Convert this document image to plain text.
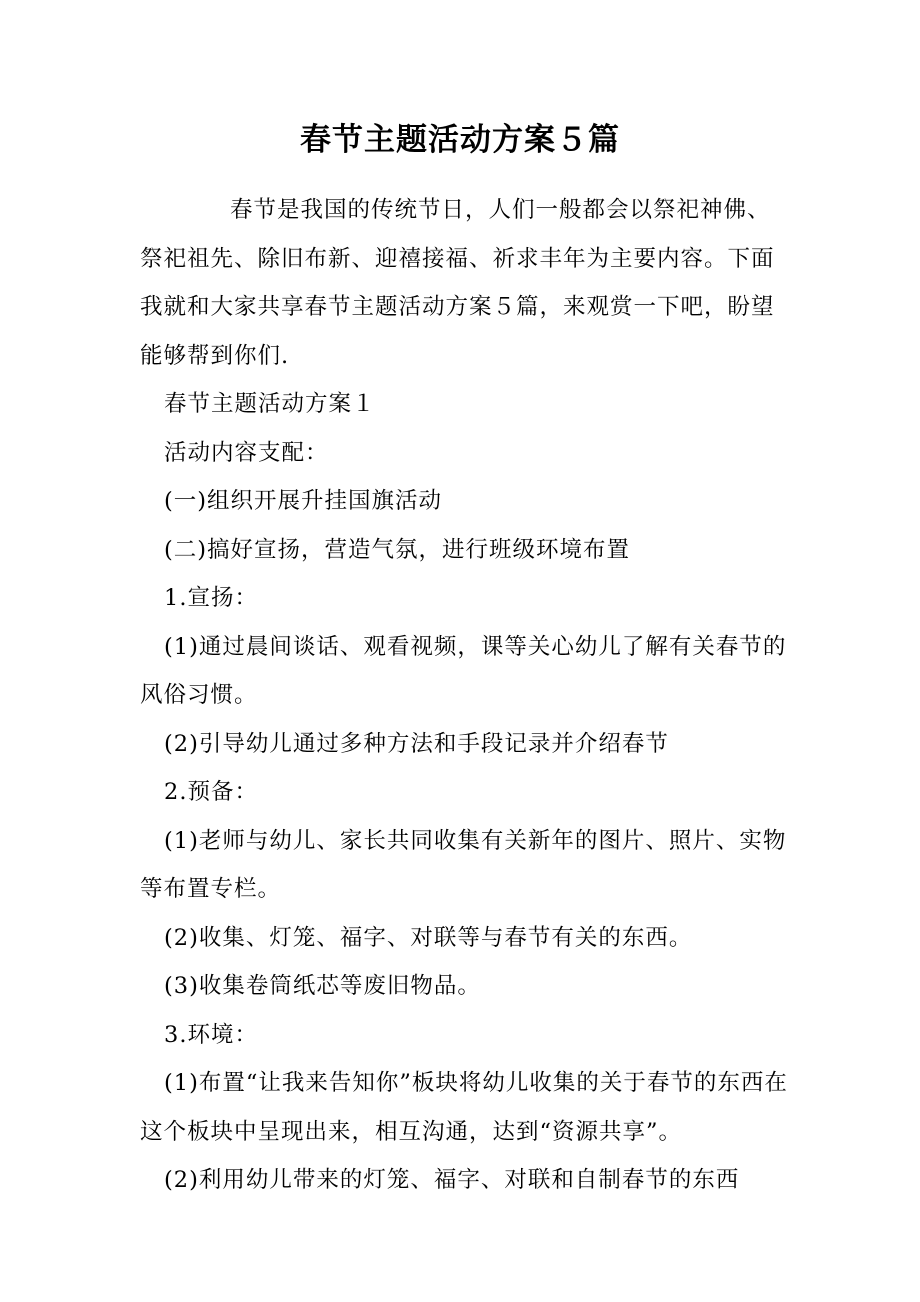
春节主题活动方案５篇

春节是我国的传统节日，人们一般都会以祭祀神佛、祭祀祖先、除旧布新、迎禧接福、祈求丰年为主要内容。下面我就和大家共享春节主题活动方案５篇，来观赏一下吧，盼望能够帮到你们.

春节主题活动方案１

活动内容支配：

(一)组织开展升挂国旗活动

(二)搞好宣扬，营造气氛，进行班级环境布置

1.宣扬：

(1)通过晨间谈话、观看视频，课等关心幼儿了解有关春节的风俗习惯。

(2)引导幼儿通过多种方法和手段记录并介绍春节

2.预备：

(1)老师与幼儿、家长共同收集有关新年的图片、照片、实物等布置专栏。

(2)收集、灯笼、福字、对联等与春节有关的东西。

(3)收集卷筒纸芯等废旧物品。

3.环境：

(1)布置“让我来告知你”板块将幼儿收集的关于春节的东西在这个板块中呈现出来，相互沟通，达到“资源共享”。

(2)利用幼儿带来的灯笼、福字、对联和自制春节的东西
